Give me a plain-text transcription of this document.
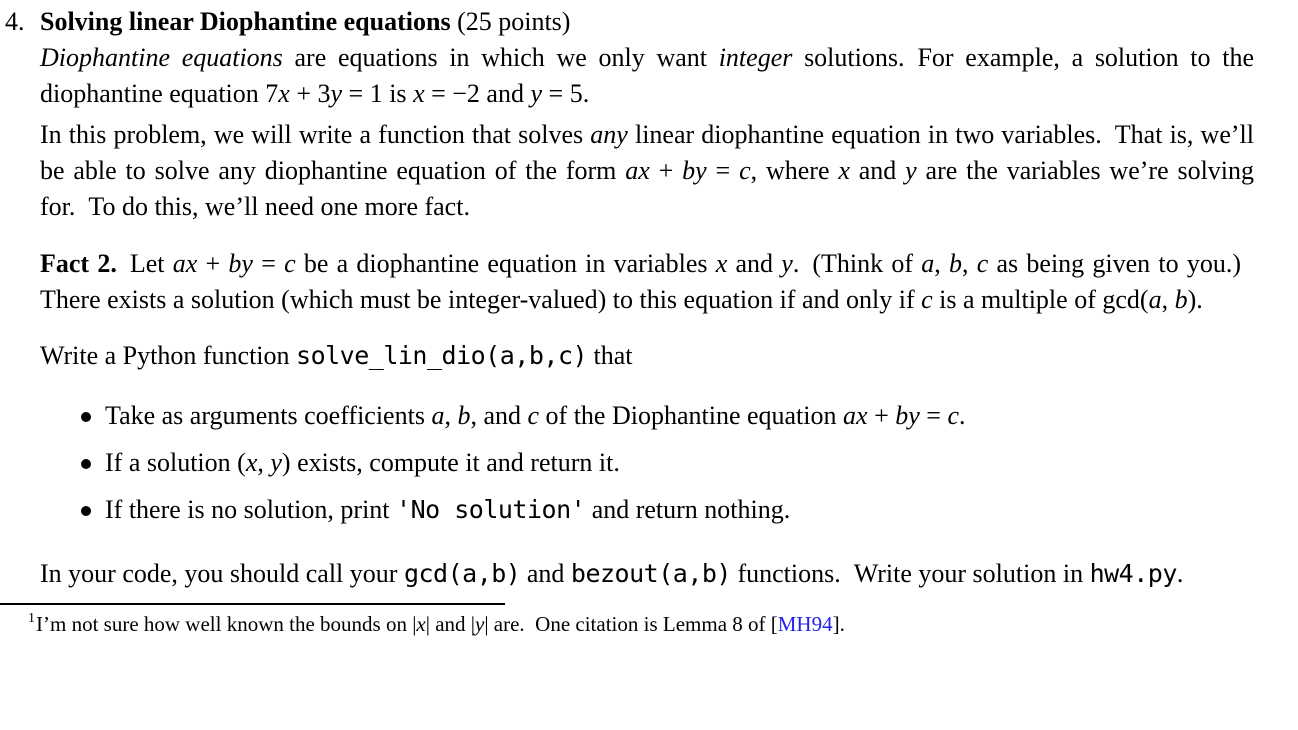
4. Solving linear Diophantine equations (25 points)

Diophantine equations are equations in which we only want integer solutions. For example, a solution to the diophantine equation 7x + 3y = 1 is x = −2 and y = 5.

In this problem, we will write a function that solves any linear diophantine equation in two variables. That is, we’ll be able to solve any diophantine equation of the form ax + by = c, where x and y are the variables we’re solving for. To do this, we’ll need one more fact.

Fact 2. Let ax + by = c be a diophantine equation in variables x and y. (Think of a, b, c as being given to you.) There exists a solution (which must be integer-valued) to this equation if and only if c is a multiple of gcd(a, b).

Write a Python function solve_lin_dio(a,b,c) that

Take as arguments coefficients a, b, and c of the Diophantine equation ax + by = c.
If a solution (x, y) exists, compute it and return it.
If there is no solution, print 'No solution' and return nothing.

In your code, you should call your gcd(a,b) and bezout(a,b) functions. Write your solution in hw4.py.

$^1$I’m not sure how well known the bounds on |x| and |y| are. One citation is Lemma 8 of [MH94].
